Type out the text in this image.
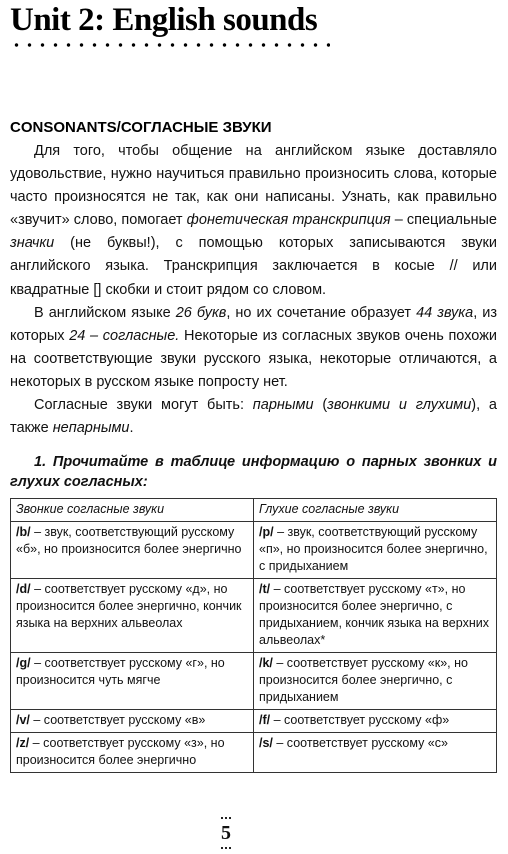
Unit 2: English sounds
CONSONANTS/СОГЛАСНЫЕ ЗВУКИ

Для того, чтобы общение на английском языке доставляло удовольствие, нужно научиться правильно произносить слова, которые часто произносятся не так, как они написаны. Узнать, как правильно «звучит» слово, помогает фонетическая транскрипция – специальные значки (не буквы!), с помощью которых записываются звуки английского языка. Транскрипция заключается в косые // или квадратные [] скобки и стоит рядом со словом.

В английском языке 26 букв, но их сочетание образует 44 звука, из которых 24 – согласные. Некоторые из согласных звуков очень похожи на соответствующие звуки русского языка, некоторые отличаются, а некоторых в русском языке попросту нет.

Согласные звуки могут быть: парными (звонкими и глухими), а также непарными.

1. Прочитайте в таблице информацию о парных звонких и глухих согласных:
Звонкие согласные звуки	Глухие согласные звуки
/b/ – звук, соответствующий русскому «б», но произносится более энергично	/p/ – звук, соответствующий русскому «п», но произносится более энергично, с придыханием
/d/ – соответствует русскому «д», но произносится более энергично, кончик языка на верхних альвеолах	/t/ – соответствует русскому «т», но произносится более энергично, с придыханием, кончик языка на верхних альвеолах*
/g/ – соответствует русскому «г», но произносится чуть мягче	/k/ – соответствует русскому «к», но произносится более энергично, с придыханием
/v/ – соответствует русскому «в»	/f/ – соответствует русскому «ф»
/z/ – соответствует русскому «з», но произносится более энергично	/s/ – соответствует русскому «с»
5
